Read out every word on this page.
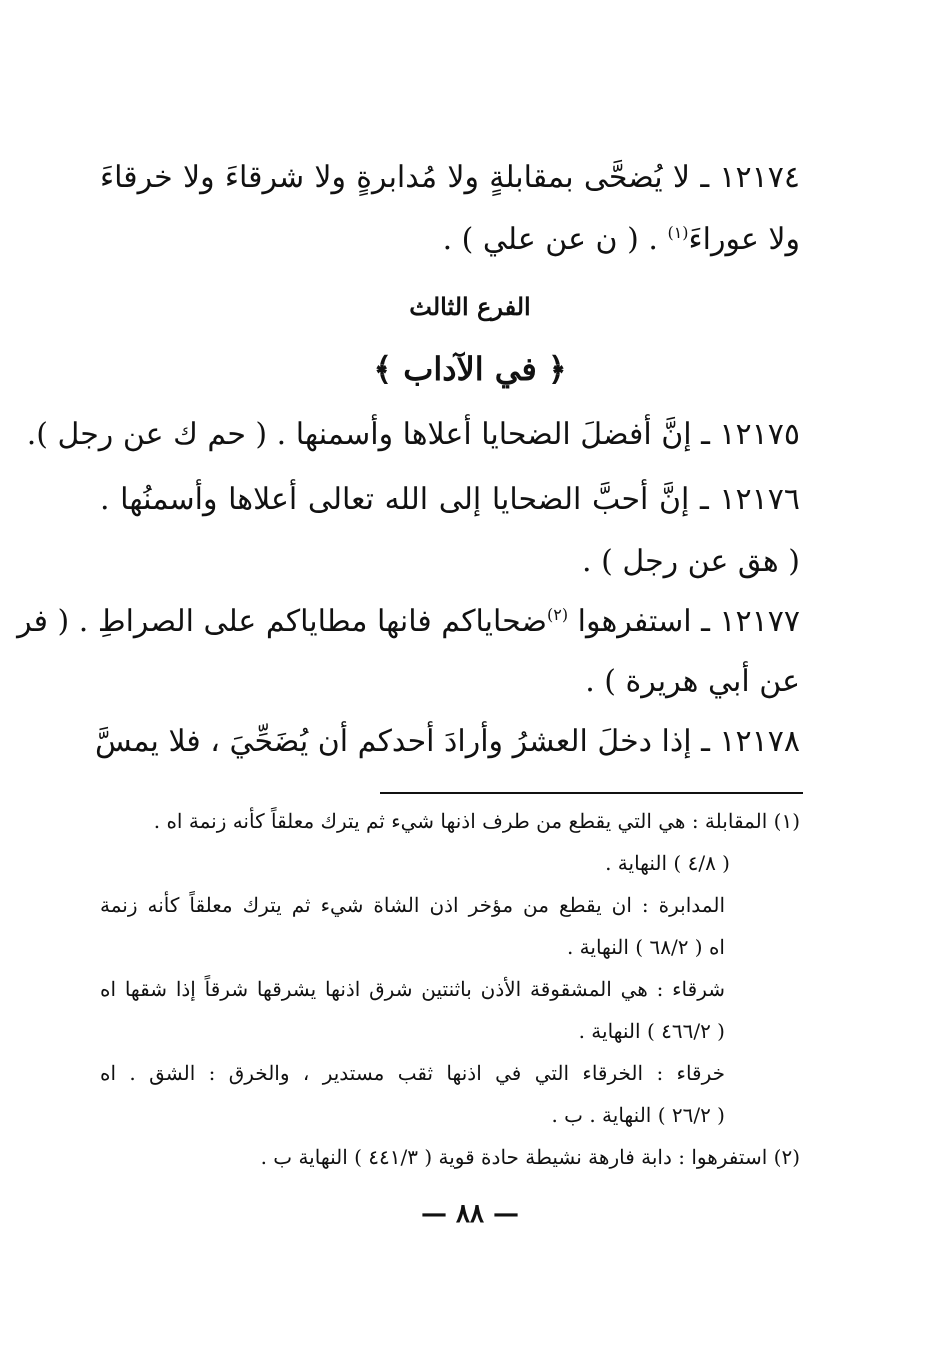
١٢١٧٤ ـ لا يُضحَّى بمقابلةٍ ولا مُدابرةٍ ولا شرقاءَ ولا خرقاءَ
ولا عوراءَ$^{(١)}$ . ( ن عن علي ) .
الفرع الثالث
﴿ في الآداب ﴾
١٢١٧٥ ـ إنَّ أفضلَ الضحايا أعلاها وأسمنها . ( حم ك عن رجل ).
١٢١٧٦ ـ إنَّ أحبَّ الضحايا إلى الله تعالى أعلاها وأسمنُها .
( هق عن رجل ) .
١٢١٧٧ ـ استفرهوا $^{(٢)}$ضحاياكم فانها مطاياكم على الصراطِ . ( فر
عن أبي هريرة ) .
١٢١٧٨ ـ إذا دخلَ العشرُ وأرادَ أحدكم أن يُضَحِّيَ ، فلا يمسَّ
(١) المقابلة : هي التي يقطع من طرف اذنها شيء ثم يترك معلقاً كأنه زنمة اه .
( ٤/٨ ) النهاية .
المدابرة : ان يقطع من مؤخر اذن الشاة شيء ثم يترك معلقاً كأنه زنمة
اه ( ٦٨/٢ ) النهاية .
شرقاء : هي المشقوقة الأذن باثنتين شرق اذنها يشرقها شرقاً إذا شقها اه
( ٤٦٦/٢ ) النهاية .
خرقاء : الخرقاء التي في اذنها ثقب مستدير ، والخرق : الشق . اه
( ٢٦/٢ ) النهاية . ب .
(٢) استفرهوا : دابة فارهة نشيطة حادة قوية ( ٤٤١/٣ ) النهاية ب .
— ٨٨ —
